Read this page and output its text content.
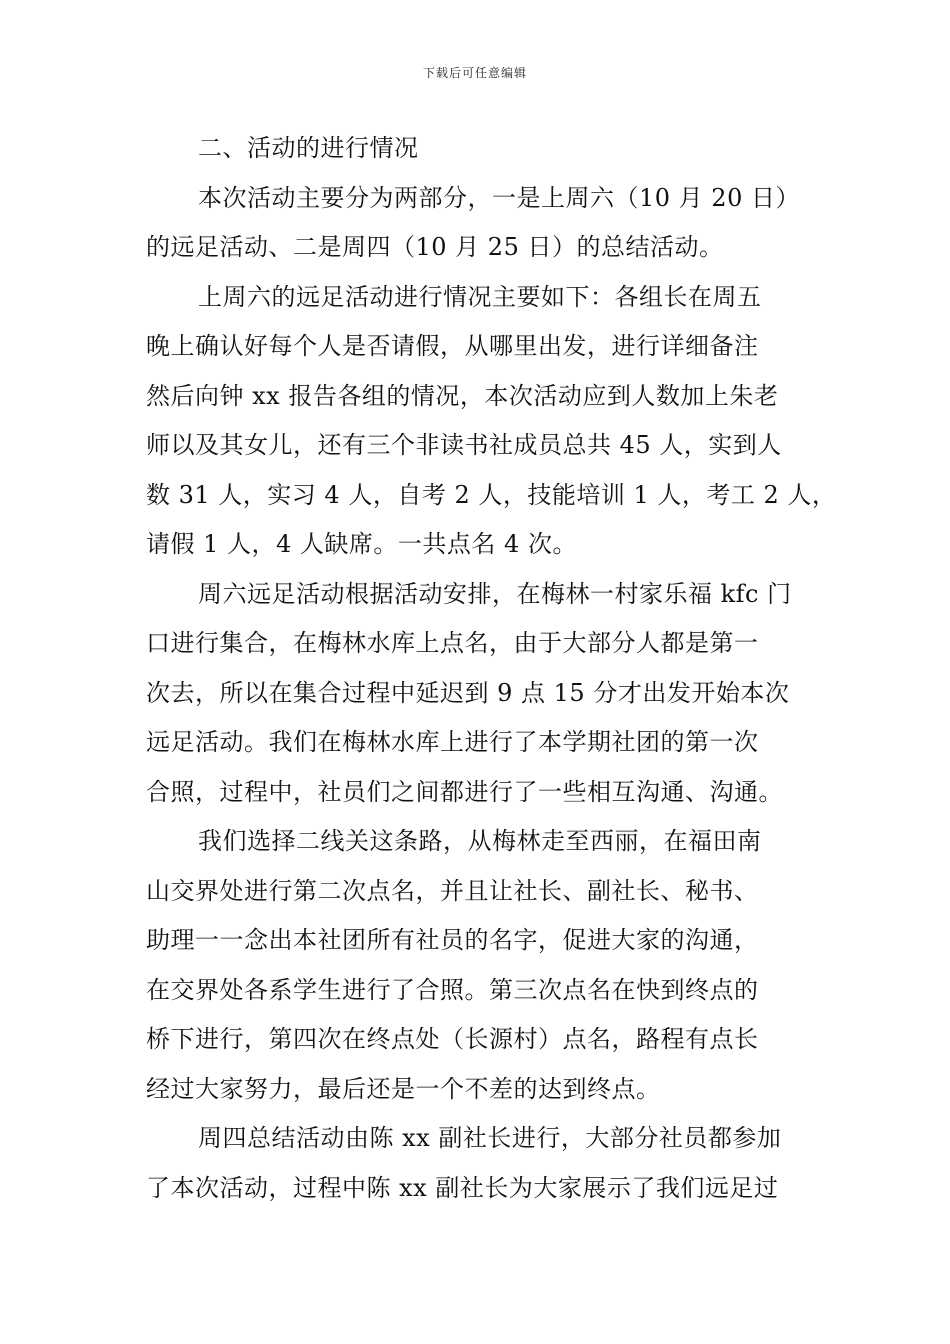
下载后可任意编辑
二、活动的进行情况
本次活动主要分为两部分，一是上周六（10 月 20 日）
的远足活动、二是周四（10 月 25 日）的总结活动。
上周六的远足活动进行情况主要如下：各组长在周五
晚上确认好每个人是否请假，从哪里出发，进行详细备注
然后向钟 xx 报告各组的情况，本次活动应到人数加上朱老
师以及其女儿，还有三个非读书社成员总共 45 人，实到人
数 31 人，实习 4 人，自考 2 人，技能培训 1 人，考工 2 人，
请假 1 人，4 人缺席。一共点名 4 次。
周六远足活动根据活动安排，在梅林一村家乐福 kfc 门
口进行集合，在梅林水库上点名，由于大部分人都是第一
次去，所以在集合过程中延迟到 9 点 15 分才出发开始本次
远足活动。我们在梅林水库上进行了本学期社团的第一次
合照，过程中，社员们之间都进行了一些相互沟通、沟通。
我们选择二线关这条路，从梅林走至西丽，在福田南
山交界处进行第二次点名，并且让社长、副社长、秘书、
助理一一念出本社团所有社员的名字，促进大家的沟通，
在交界处各系学生进行了合照。第三次点名在快到终点的
桥下进行，第四次在终点处（长源村）点名，路程有点长
经过大家努力，最后还是一个不差的达到终点。
周四总结活动由陈 xx 副社长进行，大部分社员都参加
了本次活动，过程中陈 xx 副社长为大家展示了我们远足过
